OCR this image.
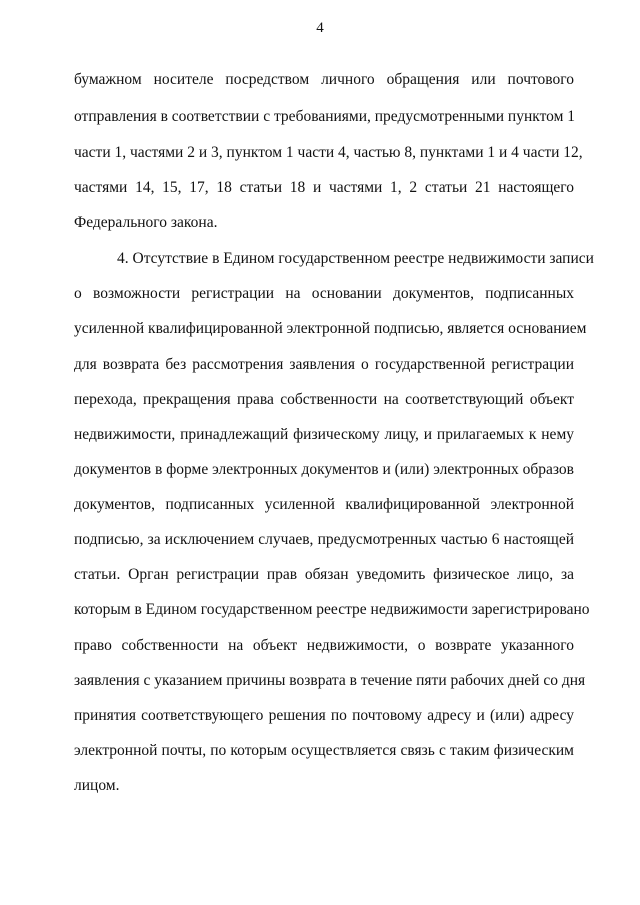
4
бумажном носителе посредством личного обращения или почтового
отправления в соответствии с требованиями, предусмотренными пунктом 1
части 1, частями 2 и 3, пунктом 1 части 4, частью 8, пунктами 1 и 4 части 12,
частями 14, 15, 17, 18 статьи 18 и частями 1, 2 статьи 21 настоящего
Федерального закона.
4. Отсутствие в Едином государственном реестре недвижимости записи
о возможности регистрации на основании документов, подписанных
усиленной квалифицированной электронной подписью, является основанием
для возврата без рассмотрения заявления о государственной регистрации
перехода, прекращения права собственности на соответствующий объект
недвижимости, принадлежащий физическому лицу, и прилагаемых к нему
документов в форме электронных документов и (или) электронных образов
документов, подписанных усиленной квалифицированной электронной
подписью, за исключением случаев, предусмотренных частью 6 настоящей
статьи. Орган регистрации прав обязан уведомить физическое лицо, за
которым в Едином государственном реестре недвижимости зарегистрировано
право собственности на объект недвижимости, о возврате указанного
заявления с указанием причины возврата в течение пяти рабочих дней со дня
принятия соответствующего решения по почтовому адресу и (или) адресу
электронной почты, по которым осуществляется связь с таким физическим
лицом.
